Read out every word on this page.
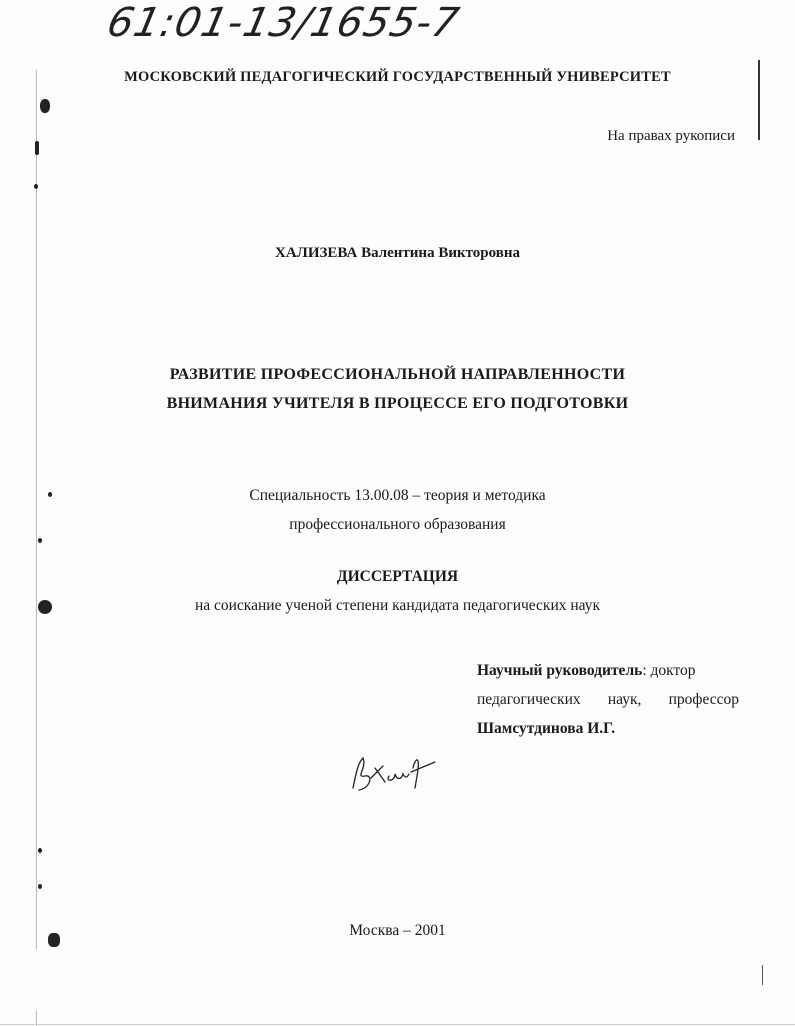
61:01-13/1655-7
МОСКОВСКИЙ ПЕДАГОГИЧЕСКИЙ ГОСУДАРСТВЕННЫЙ УНИВЕРСИТЕТ
На правах рукописи
ХАЛИЗЕВА Валентина Викторовна
РАЗВИТИЕ ПРОФЕССИОНАЛЬНОЙ НАПРАВЛЕННОСТИ
ВНИМАНИЯ УЧИТЕЛЯ В ПРОЦЕССЕ ЕГО ПОДГОТОВКИ
Специальность 13.00.08 – теория и методика
профессионального образования
ДИССЕРТАЦИЯ
на соискание ученой степени кандидата педагогических наук
Научный руководитель: доктор
педагогических наук, профессор
Шамсутдинова И.Г.
Москва – 2001
